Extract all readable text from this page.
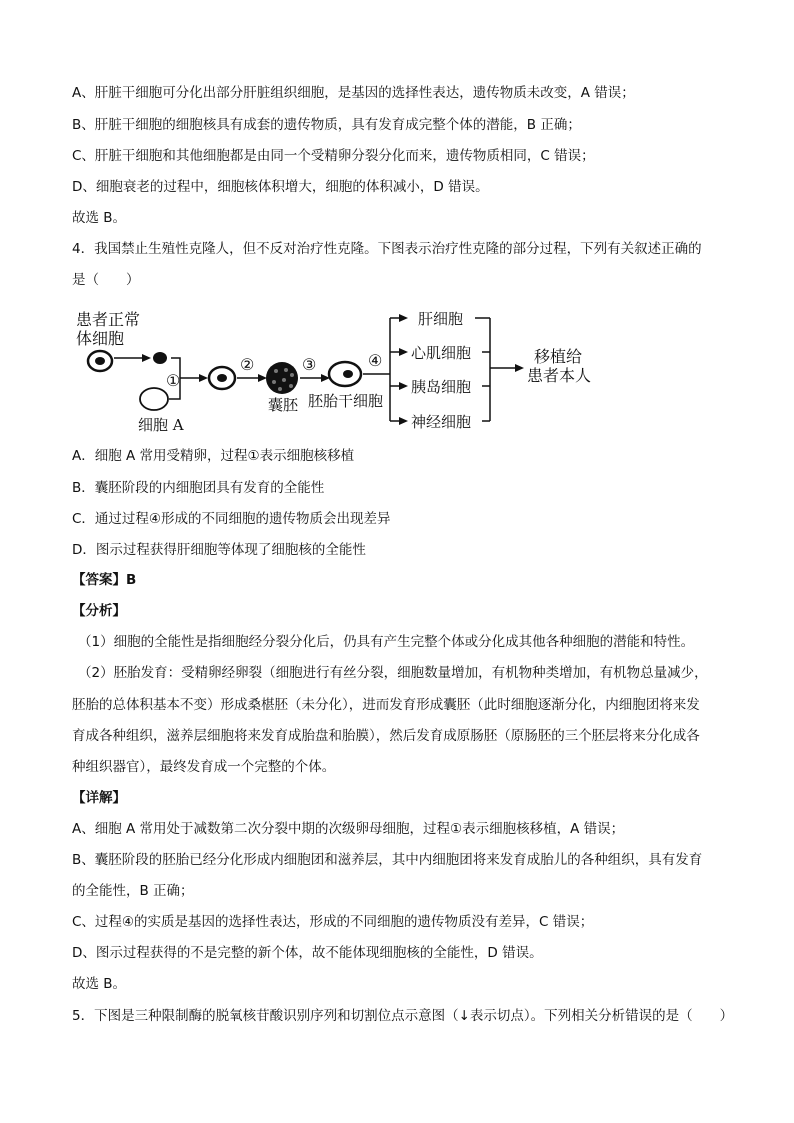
A、肝脏干细胞可分化出部分肝脏组织细胞，是基因的选择性表达，遗传物质未改变，A 错误；
B、肝脏干细胞的细胞核具有成套的遗传物质，具有发育成完整个体的潜能，B 正确；
C、肝脏干细胞和其他细胞都是由同一个受精卵分裂分化而来，遗传物质相同，C 错误；
D、细胞衰老的过程中，细胞核体积增大，细胞的体积减小，D 错误。
故选 B。
4．我国禁止生殖性克隆人，但不反对治疗性克隆。下图表示治疗性克隆的部分过程，下列有关叙述正确的
是（　　）
患者正常
体细胞
细胞 A
①
②
囊胚
③
胚胎干细胞
④
肝细胞
心肌细胞
胰岛细胞
神经细胞
移植给
患者本人
A．细胞 A 常用受精卵，过程①表示细胞核移植
B．囊胚阶段的内细胞团具有发育的全能性
C．通过过程④形成的不同细胞的遗传物质会出现差异
D．图示过程获得肝细胞等体现了细胞核的全能性
【答案】B
【分析】
（1）细胞的全能性是指细胞经分裂分化后，仍具有产生完整个体或分化成其他各种细胞的潜能和特性。
（2）胚胎发育：受精卵经卵裂（细胞进行有丝分裂，细胞数量增加，有机物种类增加，有机物总量减少，
胚胎的总体积基本不变）形成桑椹胚（未分化），进而发育形成囊胚（此时细胞逐渐分化，内细胞团将来发
育成各种组织，滋养层细胞将来发育成胎盘和胎膜），然后发育成原肠胚（原肠胚的三个胚层将来分化成各
种组织器官），最终发育成一个完整的个体。
【详解】
A、细胞 A 常用处于减数第二次分裂中期的次级卵母细胞，过程①表示细胞核移植，A 错误；
B、囊胚阶段的胚胎已经分化形成内细胞团和滋养层，其中内细胞团将来发育成胎儿的各种组织，具有发育
的全能性，B 正确；
C、过程④的实质是基因的选择性表达，形成的不同细胞的遗传物质没有差异，C 错误；
D、图示过程获得的不是完整的新个体，故不能体现细胞核的全能性，D 错误。
故选 B。
5．下图是三种限制酶的脱氧核苷酸识别序列和切割位点示意图（↓表示切点）。下列相关分析错误的是（　　）
